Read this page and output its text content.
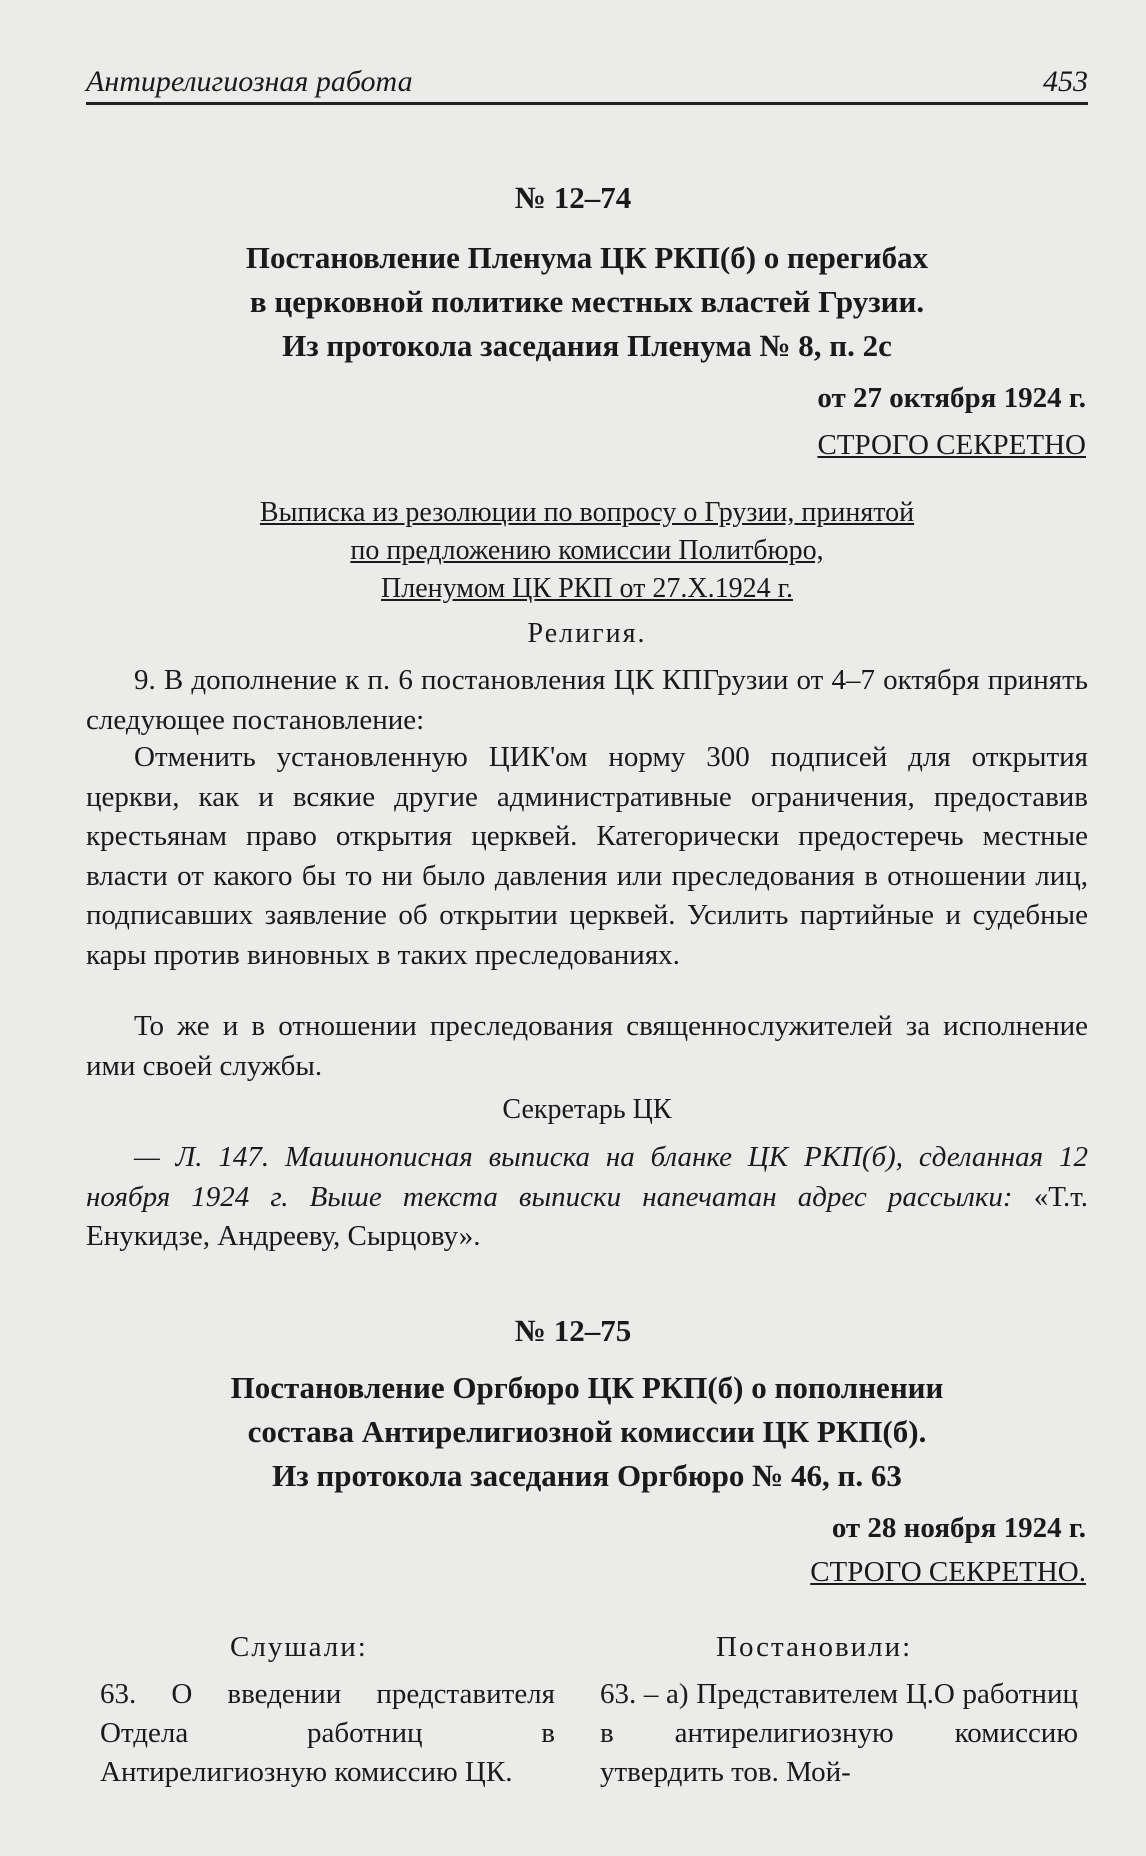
Антирелигиозная работа	453
№ 12–74
Постановление Пленума ЦК РКП(б) о перегибах
в церковной политике местных властей Грузии.
Из протокола заседания Пленума № 8, п. 2с
от 27 октября 1924 г.
СТРОГО СЕКРЕТНО
Выписка из резолюции по вопросу о Грузии, принятой
по предложению комиссии Политбюро,
Пленумом ЦК РКП от 27.X.1924 г.
Религия.
9. В дополнение к п. 6 постановления ЦК КПГрузии от 4–7 октября принять следующее постановление:
Отменить установленную ЦИК'ом норму 300 подписей для открытия церкви, как и всякие другие административные ограничения, предоставив крестьянам право открытия церквей. Категорически предостеречь местные власти от какого бы то ни было давления или преследования в отношении лиц, подписавших заявление об открытии церквей. Усилить партийные и судебные кары против виновных в таких преследованиях.
То же и в отношении преследования священнослужителей за исполнение ими своей службы.
Секретарь ЦК
— Л. 147. Машинописная выписка на бланке ЦК РКП(б), сделанная 12 ноября 1924 г. Выше текста выписки напечатан адрес рассылки: «Т.т. Енукидзе, Андрееву, Сырцову».
№ 12–75
Постановление Оргбюро ЦК РКП(б) о пополнении
состава Антирелигиозной комиссии ЦК РКП(б).
Из протокола заседания Оргбюро № 46, п. 63
от 28 ноября 1924 г.
СТРОГО СЕКРЕТНО.
Слушали:	Постановили:
63. О введении представителя Отдела работниц в Антирелигиозную комиссию ЦК.
63. – а) Представителем Ц.О работниц в антирелигиозную комиссию утвердить тов. Мой-
